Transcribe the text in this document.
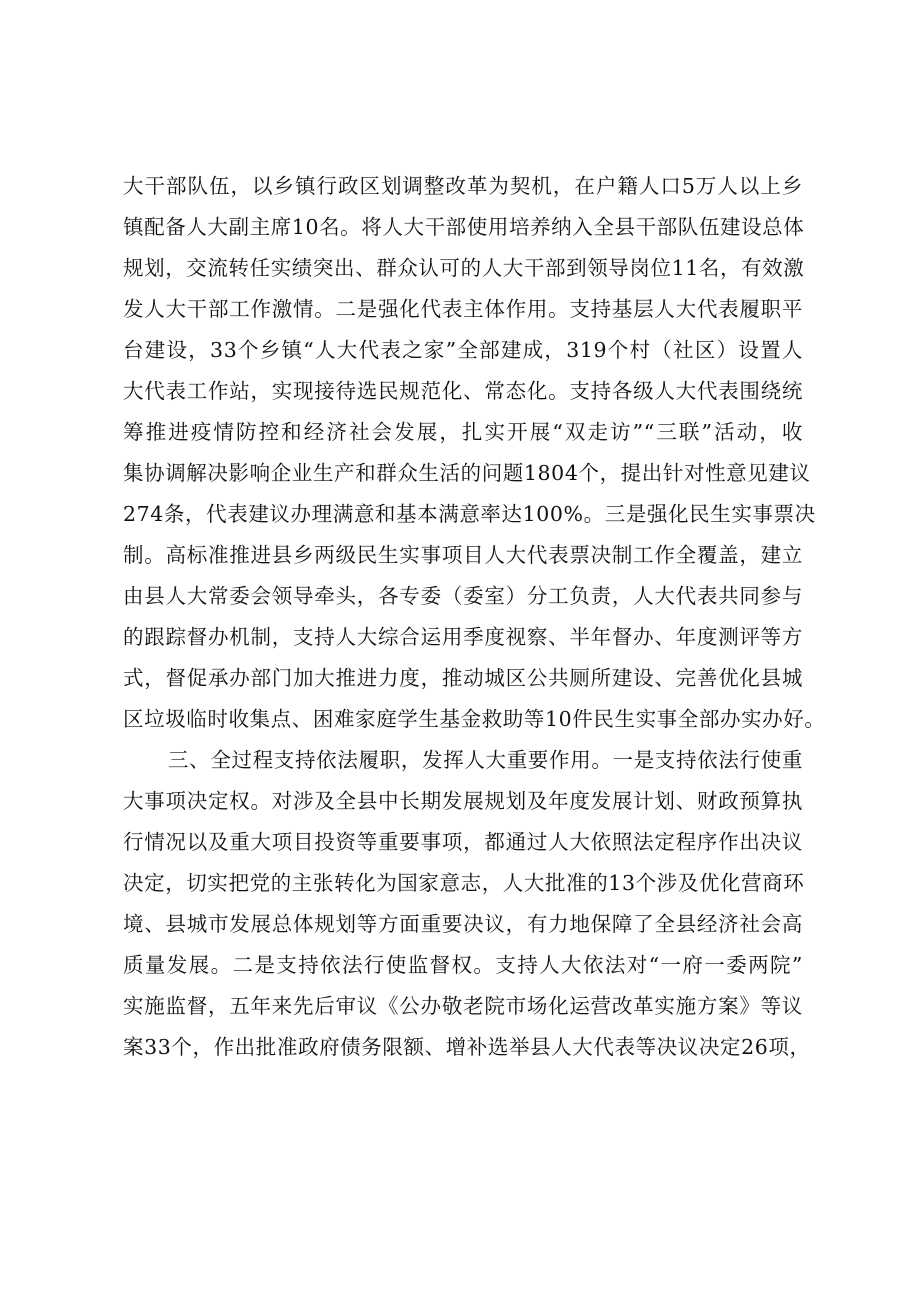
大干部队伍，以乡镇行政区划调整改革为契机，在户籍人口5万人以上乡
镇配备人大副主席10名。将人大干部使用培养纳入全县干部队伍建设总体
规划，交流转任实绩突出、群众认可的人大干部到领导岗位11名，有效激
发人大干部工作激情。二是强化代表主体作用。支持基层人大代表履职平
台建设，33个乡镇“人大代表之家”全部建成，319个村（社区）设置人
大代表工作站，实现接待选民规范化、常态化。支持各级人大代表围绕统
筹推进疫情防控和经济社会发展，扎实开展“双走访”“三联”活动，收
集协调解决影响企业生产和群众生活的问题1804个，提出针对性意见建议
274条，代表建议办理满意和基本满意率达100%。三是强化民生实事票决
制。高标准推进县乡两级民生实事项目人大代表票决制工作全覆盖，建立
由县人大常委会领导牵头，各专委（委室）分工负责，人大代表共同参与
的跟踪督办机制，支持人大综合运用季度视察、半年督办、年度测评等方
式，督促承办部门加大推进力度，推动城区公共厕所建设、完善优化县城
区垃圾临时收集点、困难家庭学生基金救助等10件民生实事全部办实办好。
三、全过程支持依法履职，发挥人大重要作用。一是支持依法行使重
大事项决定权。对涉及全县中长期发展规划及年度发展计划、财政预算执
行情况以及重大项目投资等重要事项，都通过人大依照法定程序作出决议
决定，切实把党的主张转化为国家意志，人大批准的13个涉及优化营商环
境、县城市发展总体规划等方面重要决议，有力地保障了全县经济社会高
质量发展。二是支持依法行使监督权。支持人大依法对“一府一委两院”
实施监督，五年来先后审议《公办敬老院市场化运营改革实施方案》等议
案33个，作出批准政府债务限额、增补选举县人大代表等决议决定26项，
